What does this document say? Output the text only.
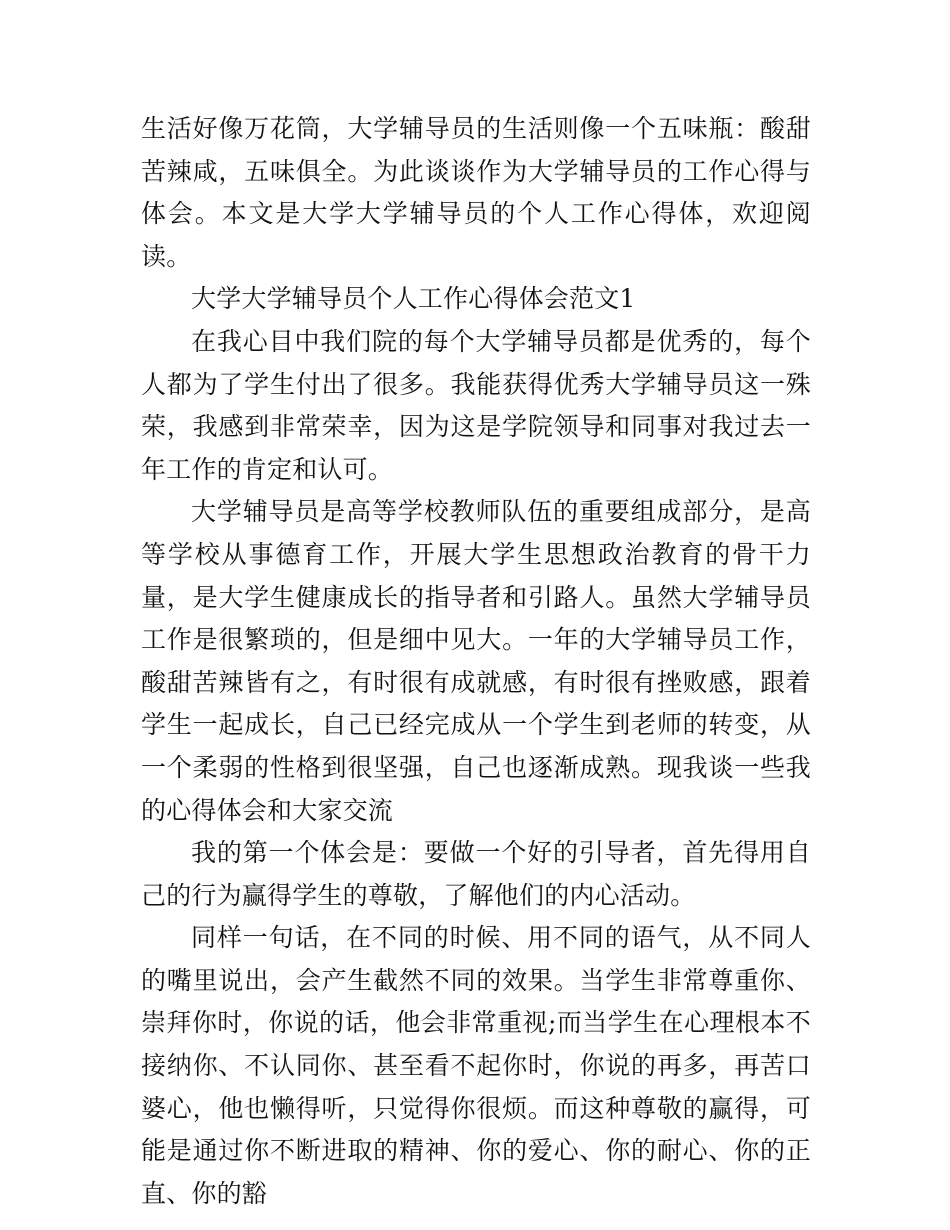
生活好像万花筒，大学辅导员的生活则像一个五味瓶：酸甜苦辣咸，五味俱全。为此谈谈作为大学辅导员的工作心得与体会。本文是大学大学辅导员的个人工作心得体，欢迎阅读。

大学大学辅导员个人工作心得体会范文1

在我心目中我们院的每个大学辅导员都是优秀的，每个人都为了学生付出了很多。我能获得优秀大学辅导员这一殊荣，我感到非常荣幸，因为这是学院领导和同事对我过去一年工作的肯定和认可。

大学辅导员是高等学校教师队伍的重要组成部分，是高等学校从事德育工作，开展大学生思想政治教育的骨干力量，是大学生健康成长的指导者和引路人。虽然大学辅导员工作是很繁琐的，但是细中见大。一年的大学辅导员工作，酸甜苦辣皆有之，有时很有成就感，有时很有挫败感，跟着学生一起成长，自己已经完成从一个学生到老师的转变，从一个柔弱的性格到很坚强，自己也逐渐成熟。现我谈一些我的心得体会和大家交流

我的第一个体会是：要做一个好的引导者，首先得用自己的行为赢得学生的尊敬，了解他们的内心活动。

同样一句话，在不同的时候、用不同的语气，从不同人的嘴里说出，会产生截然不同的效果。当学生非常尊重你、崇拜你时，你说的话，他会非常重视;而当学生在心理根本不接纳你、不认同你、甚至看不起你时，你说的再多，再苦口婆心，他也懒得听，只觉得你很烦。而这种尊敬的赢得，可能是通过你不断进取的精神、你的爱心、你的耐心、你的正直、你的豁
